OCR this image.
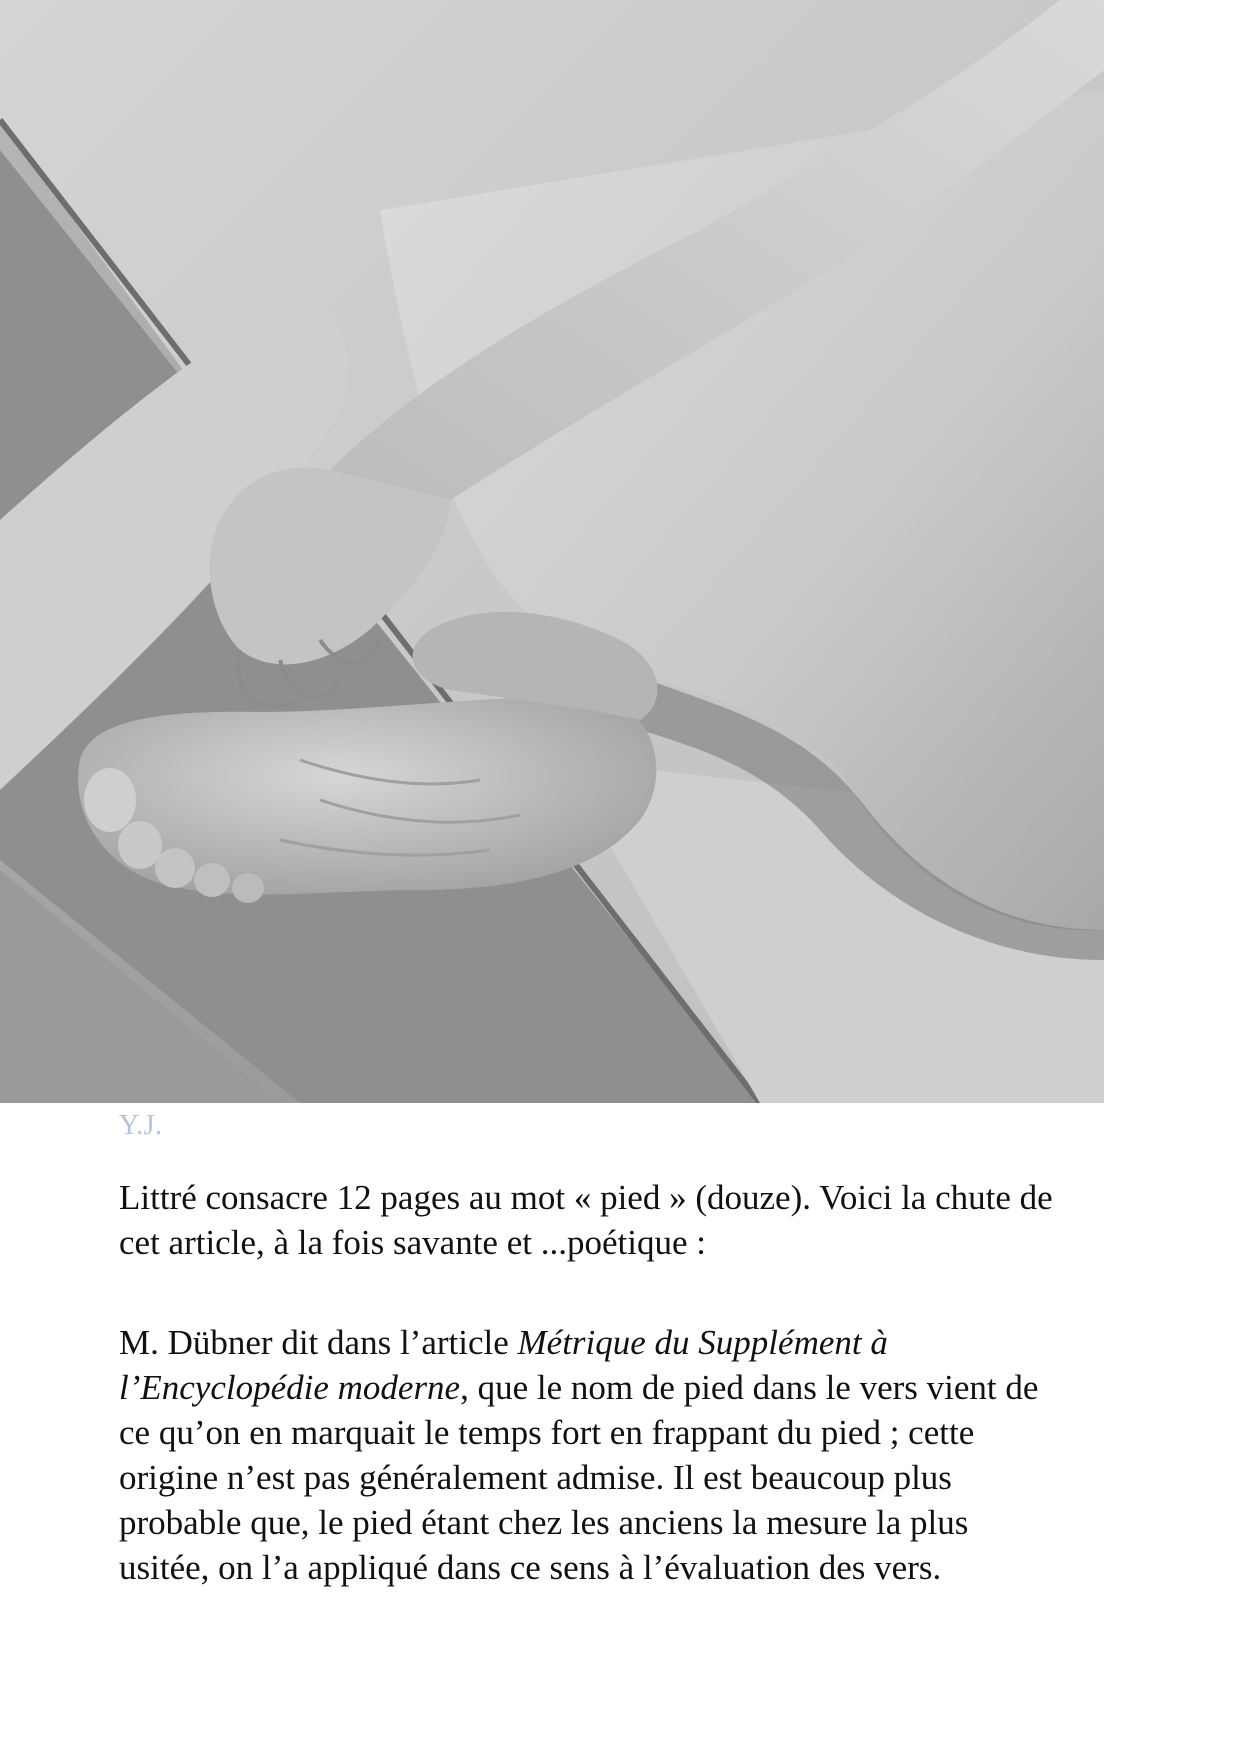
Y.J.

Littré consacre 12 pages au mot « pied » (douze). Voici la chute de
cet article, à la fois savante et ...poétique :

M. Dübner dit dans l’article Métrique du Supplément à
l’Encyclopédie moderne, que le nom de pied dans le vers vient de
ce qu’on en marquait le temps fort en frappant du pied ; cette
origine n’est pas généralement admise. Il est beaucoup plus
probable que, le pied étant chez les anciens la mesure la plus
usitée, on l’a appliqué dans ce sens à l’évaluation des vers.
